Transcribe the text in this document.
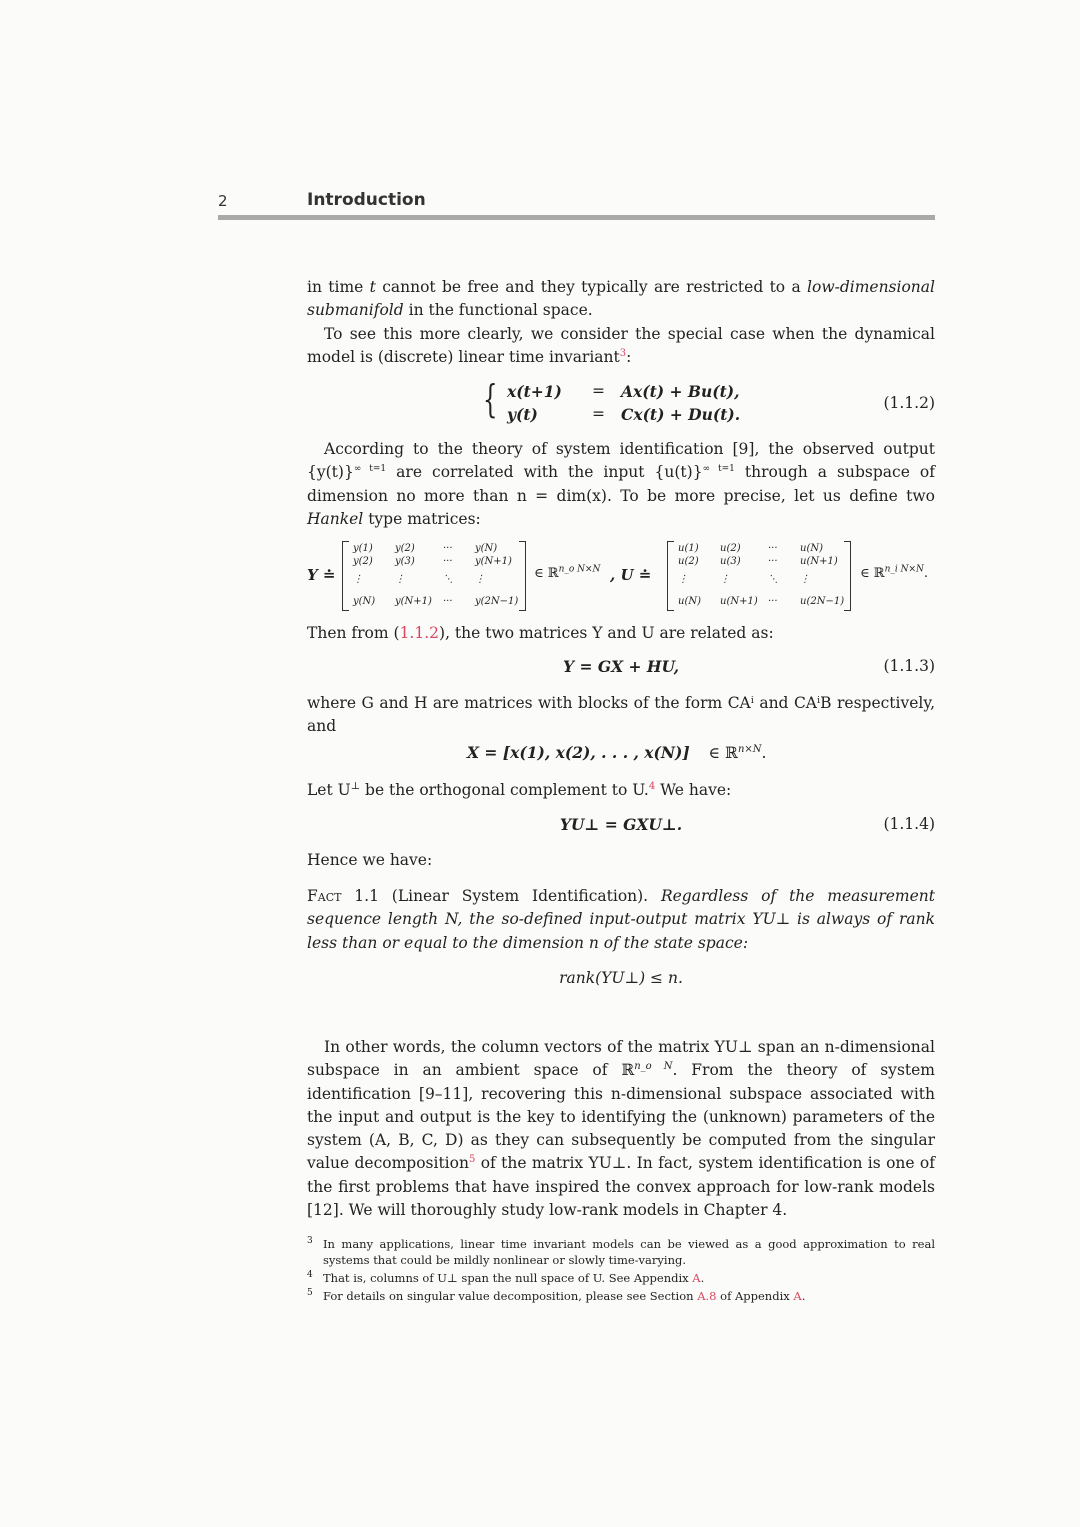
2	Introduction

in time t cannot be free and they typically are restricted to a low-dimensional submanifold in the functional space.

To see this more clearly, we consider the special case when the dynamical model is (discrete) linear time invariant$^3$:

{ x(t+1) = Ax(t) + Bu(t),
y(t)	= Cx(t) + Du(t).
(1.1.2)

According to the theory of system identification [9], the observed output $\{y(t)\}^{\infty t=1}$ are correlated with the input $\{u(t)\}^{\infty t=1}$ through a subspace of dimension no more than n = dim(x). To be more precise, let us define two Hankel type matrices:

Y ≐
y(1) y(2)	··· y(N)
y(2) y(3)	··· y(N+1)
⋮	⋮	⋱ ⋮
y(N) y(N+1) ··· y(2N−1)
∈ ℝ$^{n\_o N\times N}$ , U ≐
u(1) u(2)	··· u(N)
u(2) u(3)	··· u(N+1)
⋮	⋮	⋱ ⋮
u(N) u(N+1) ··· u(2N−1)
∈ ℝ$^{n\_i N\times N}$.

Then from (1.1.2), the two matrices Y and U are related as:

Y = GX + HU,	(1.1.3)

where G and H are matrices with blocks of the form CAⁱ and CAⁱB respectively, and

X = [x(1), x(2), . . . , x(N)] ∈ ℝ$^{n\times N}$.

Let U⊥ be the orthogonal complement to U.$^4$ We have:

YU⊥ = GXU⊥.	(1.1.4)

Hence we have:

Fact 1.1 (Linear System Identification). Regardless of the measurement sequence length N, the so-defined input-output matrix YU⊥ is always of rank less than or equal to the dimension n of the state space:

rank(YU⊥) ≤ n.

In other words, the column vectors of the matrix YU⊥ span an n-dimensional subspace in an ambient space of ℝ$^{n\_o N}$. From the theory of system identification [9–11], recovering this n-dimensional subspace associated with the input and output is the key to identifying the (unknown) parameters of the system (A, B, C, D) as they can subsequently be computed from the singular value decomposition$^5$ of the matrix YU⊥. In fact, system identification is one of the first problems that have inspired the convex approach for low-rank models [12]. We will thoroughly study low-rank models in Chapter 4.

3 In many applications, linear time invariant models can be viewed as a good approximation to real systems that could be mildly nonlinear or slowly time-varying.
4 That is, columns of U⊥ span the null space of U. See Appendix A.
5 For details on singular value decomposition, please see Section A.8 of Appendix A.
